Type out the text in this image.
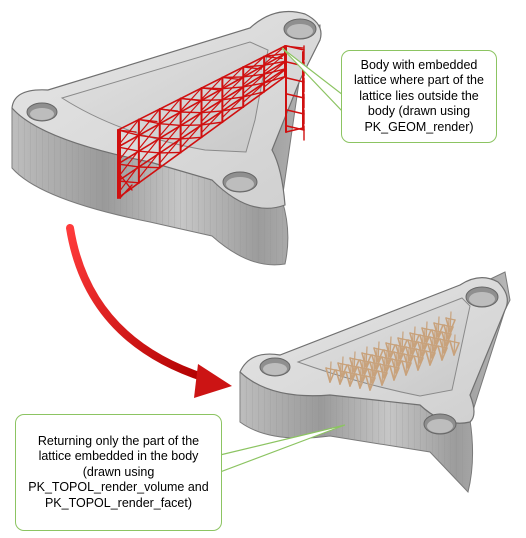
Body with embedded
lattice where part of the
lattice lies outside the
body (drawn using
PK_GEOM_render)
Returning only the part of the
lattice embedded in the body
(drawn using
PK_TOPOL_render_volume and
PK_TOPOL_render_facet)
